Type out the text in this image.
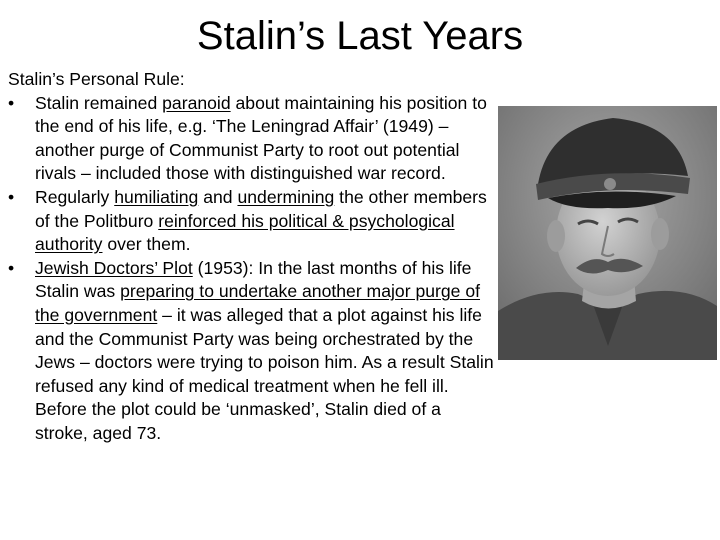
Stalin’s Last Years

Stalin’s Personal Rule:

•	Stalin remained paranoid about maintaining his position to the end of his life, e.g. ‘The Leningrad Affair’ (1949) – another purge of Communist Party to root out potential rivals – included those with distinguished war record.
•	Regularly humiliating and undermining the other members of the Politburo reinforced his political & psychological authority over them.
•	Jewish Doctors’ Plot (1953): In the last months of his life Stalin was preparing to undertake another major purge of the government – it was alleged that a plot against his life and the Communist Party was being orchestrated by the Jews – doctors were trying to poison him. As a result Stalin refused any kind of medical treatment when he fell ill. Before the plot could be ‘unmasked’, Stalin died of a stroke, aged 73.
